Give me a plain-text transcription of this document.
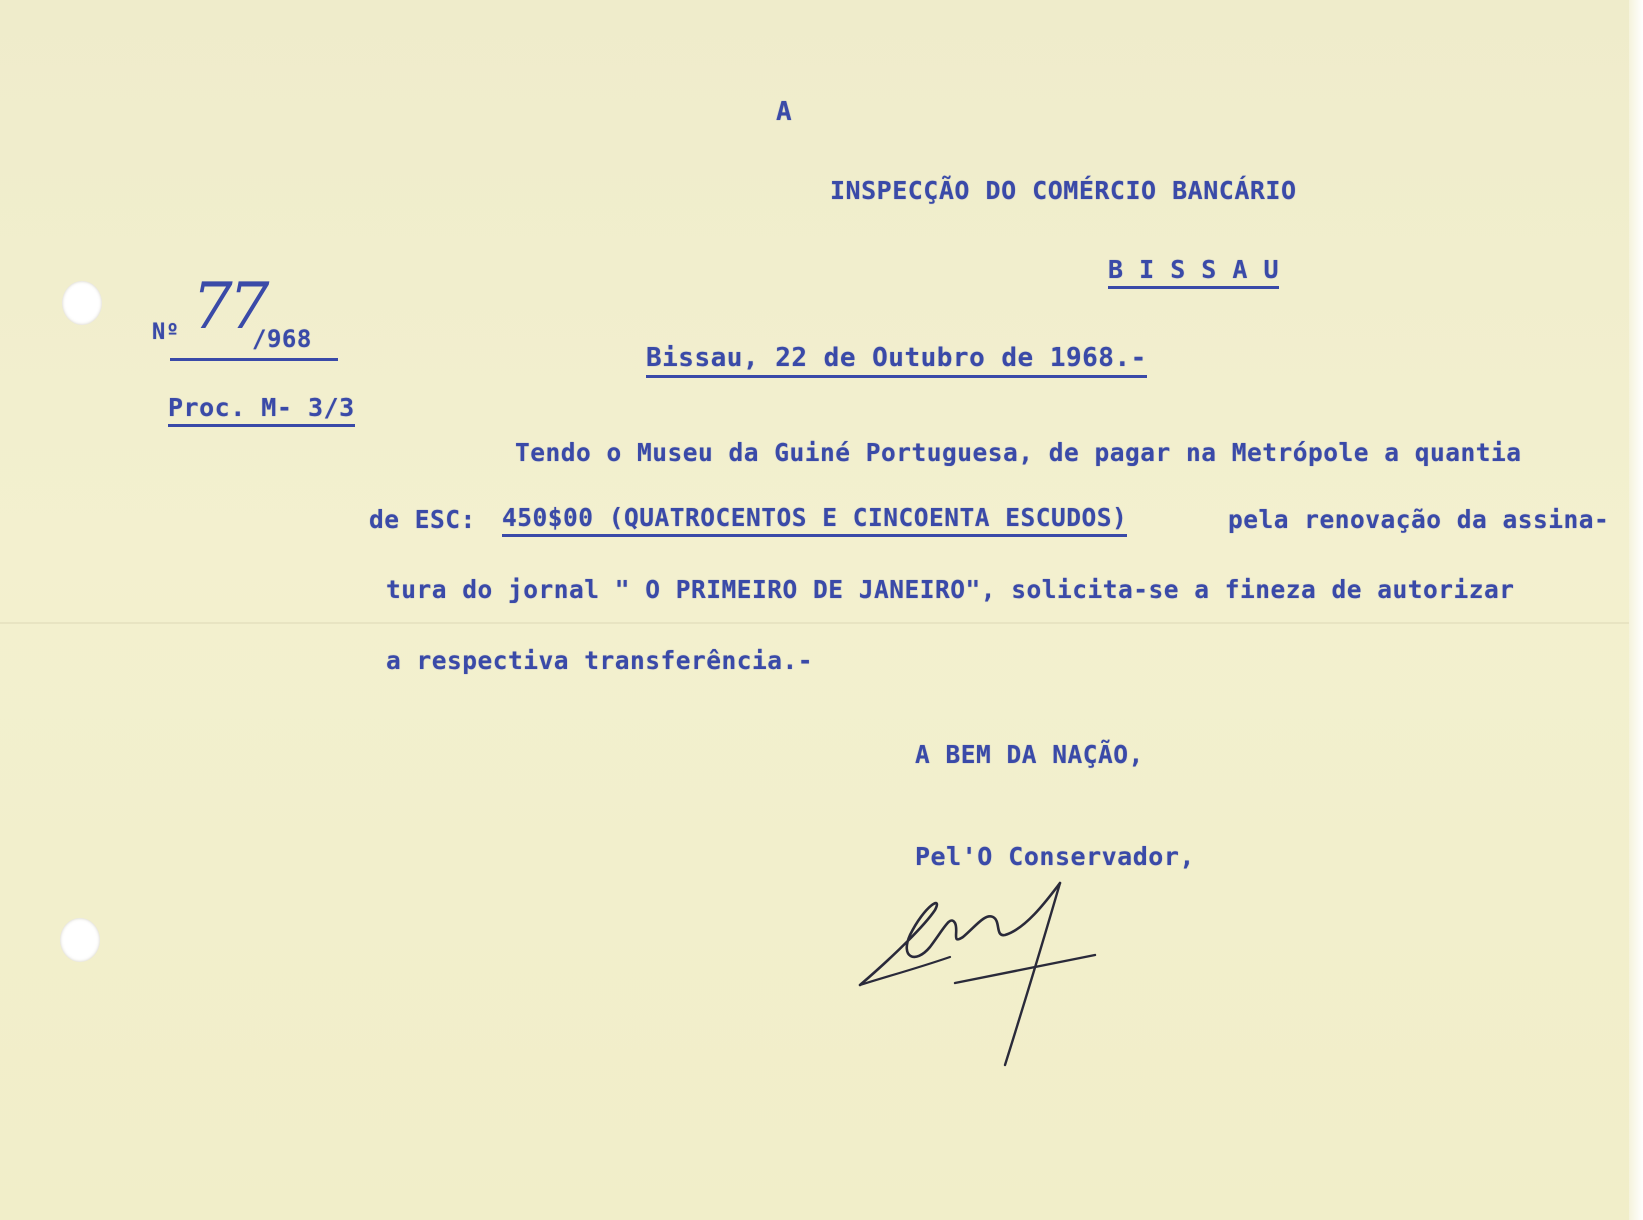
A
INSPECÇÃO DO COMÉRCIO BANCÁRIO
B I S S A U
Nº 77
/968
Proc. M- 3/3
Bissau, 22 de Outubro de 1968.-
Tendo o Museu da Guiné Portuguesa, de pagar na Metrópole a quantia
de ESC: 450$00 (QUATROCENTOS E CINCOENTA ESCUDOS)	pela renovação da assina-
tura do jornal " O PRIMEIRO DE JANEIRO", solicita-se a fineza de autorizar
a respectiva transferência.-
A BEM DA NAÇÃO,
Pel'O Conservador,
